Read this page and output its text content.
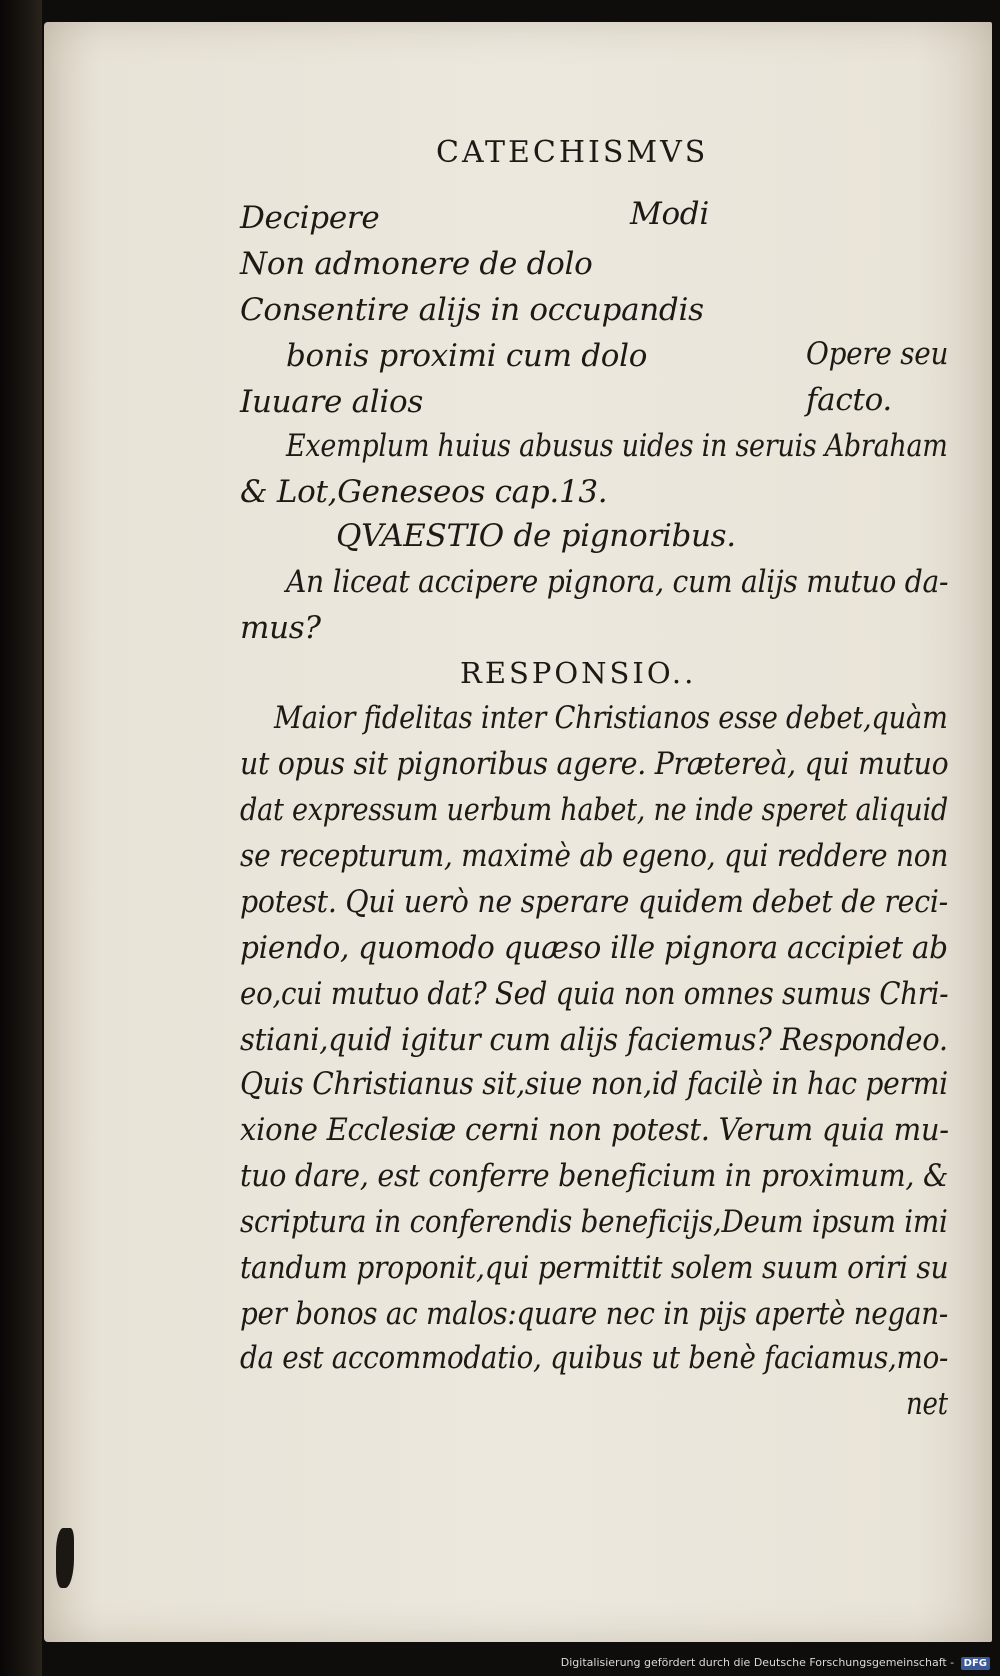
CATECHISMVS
Decipere	Modi
Non admonere de dolo
Consentire alijs in occupandis
bonis proximi cum dolo	Opere seu
Iuuare alios	facto.
Exemplum huius abusus uides in seruis Abraham
& Lot,Geneseos cap.13.
QVAESTIO de pignoribus.
An liceat accipere pignora, cum alijs mutuo da-
mus?
RESPONSIO..
Maior fidelitas inter Christianos esse debet,quàm
ut opus sit pignoribus agere. Prætereà, qui mutuo
dat expressum uerbum habet, ne inde speret aliquid
se recepturum, maximè ab egeno, qui reddere non
potest. Qui uerò ne sperare quidem debet de reci-
piendo, quomodo quæso ille pignora accipiet ab
eo,cui mutuo dat? Sed quia non omnes sumus Chri-
stiani,quid igitur cum alijs faciemus? Respondeo.
Quis Christianus sit,siue non,id facilè in hac permi
xione Ecclesiæ cerni non potest. Verum quia mu-
tuo dare, est conferre beneficium in proximum, &
scriptura in conferendis beneficijs,Deum ipsum imi
tandum proponit,qui permittit solem suum oriri su
per bonos ac malos:quare nec in pijs apertè negan-
da est accommodatio, quibus ut benè faciamus,mo-
net
Digitalisierung gefördert durch die Deutsche Forschungsgemeinschaft - DFG
